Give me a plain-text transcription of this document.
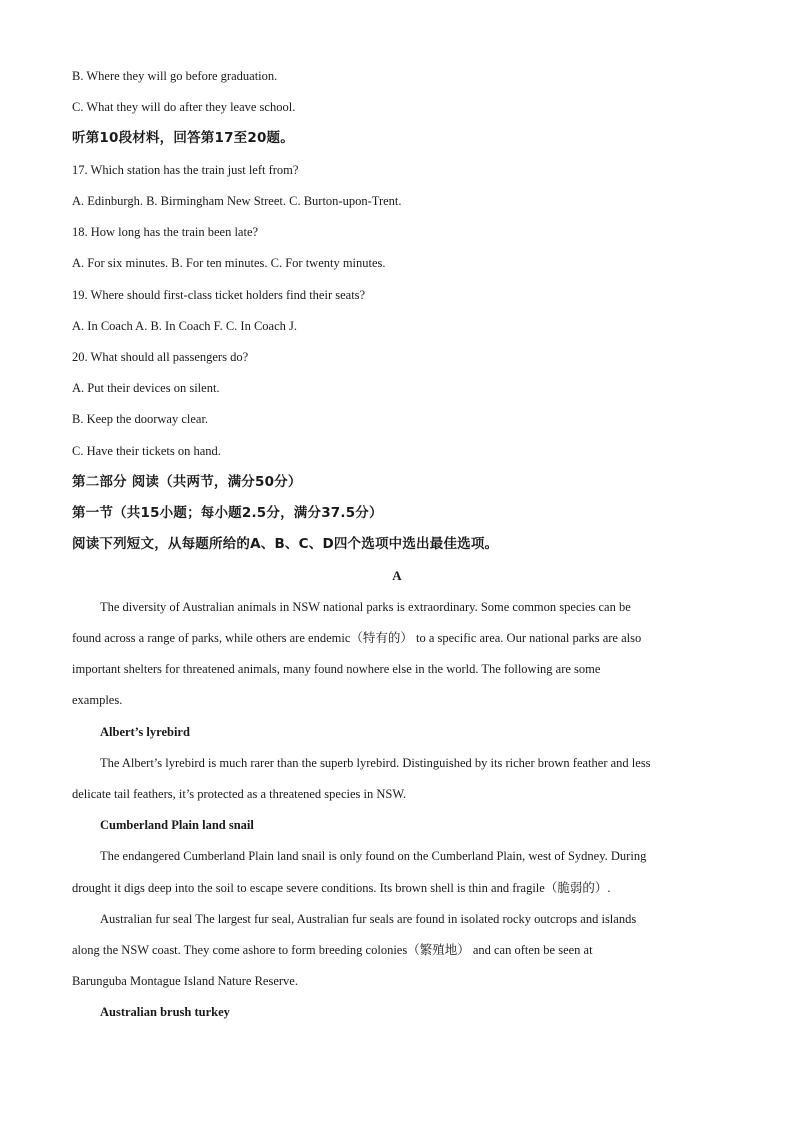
B. Where they will go before graduation.
C. What they will do after they leave school.
听第10段材料，回答第17至20题。
17. Which station has the train just left from?
A. Edinburgh. B. Birmingham New Street. C. Burton-upon-Trent.
18. How long has the train been late?
A. For six minutes. B. For ten minutes. C. For twenty minutes.
19. Where should first-class ticket holders find their seats?
A. In Coach A. B. In Coach F. C. In Coach J.
20. What should all passengers do?
A. Put their devices on silent.
B. Keep the doorway clear.
C. Have their tickets on hand.
第二部分 阅读（共两节，满分50分）
第一节（共15小题；每小题2.5分，满分37.5分）
阅读下列短文，从每题所给的A、B、C、D四个选项中选出最佳选项。
A
The diversity of Australian animals in NSW national parks is extraordinary. Some common species can be
found across a range of parks, while others are endemic（特有的） to a specific area. Our national parks are also
important shelters for threatened animals, many found nowhere else in the world. The following are some
examples.
Albert’s lyrebird
The Albert’s lyrebird is much rarer than the superb lyrebird. Distinguished by its richer brown feather and less
delicate tail feathers, it’s protected as a threatened species in NSW.
Cumberland Plain land snail
The endangered Cumberland Plain land snail is only found on the Cumberland Plain, west of Sydney. During
drought it digs deep into the soil to escape severe conditions. Its brown shell is thin and fragile（脆弱的）.
Australian fur seal The largest fur seal, Australian fur seals are found in isolated rocky outcrops and islands
along the NSW coast. They come ashore to form breeding colonies（繁殖地） and can often be seen at
Barunguba Montague Island Nature Reserve.
Australian brush turkey
